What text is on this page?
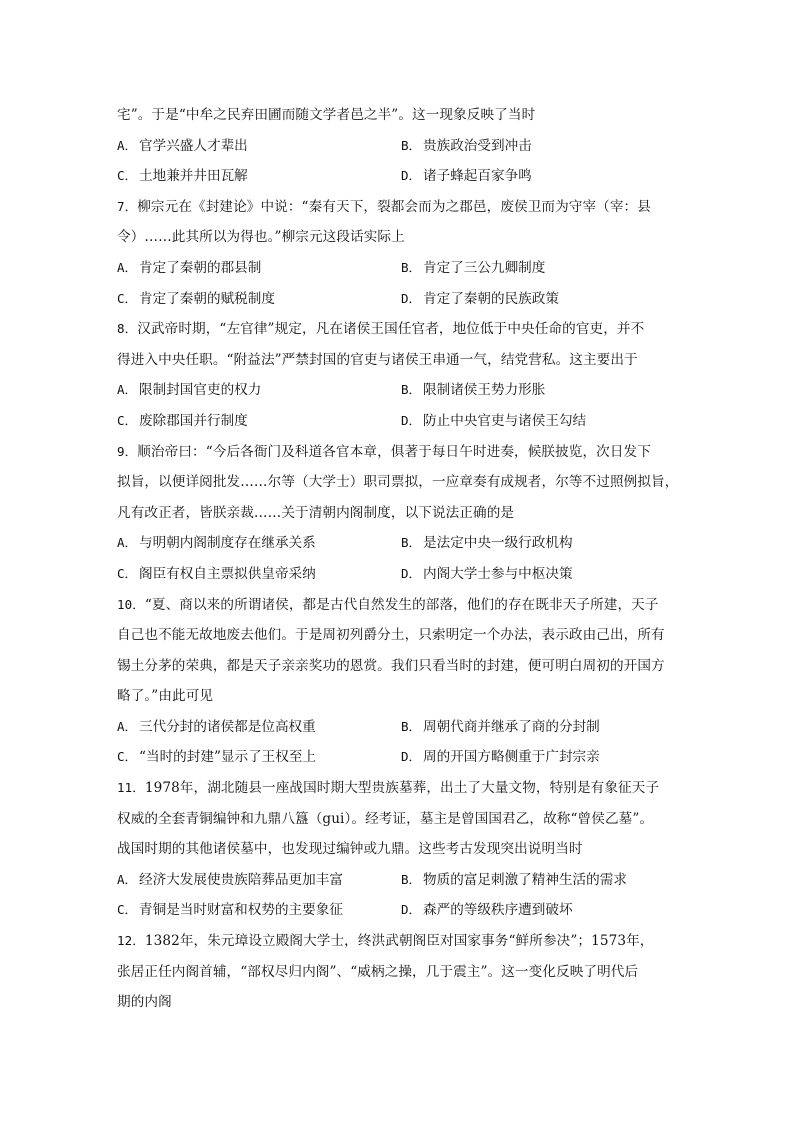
宅”。于是“中牟之民弃田圃而随文学者邑之半”。这一现象反映了当时
A． 官学兴盛人才辈出	B． 贵族政治受到冲击
C． 土地兼并井田瓦解	D． 诸子蜂起百家争鸣
7．柳宗元在《封建论》中说：“秦有天下，裂都会而为之郡邑，废侯卫而为守宰（宰：县
令）……此其所以为得也。”柳宗元这段话实际上
A． 肯定了秦朝的郡县制	B． 肯定了三公九卿制度
C． 肯定了秦朝的赋税制度	D． 肯定了秦朝的民族政策
8．汉武帝时期，“左官律”规定，凡在诸侯王国任官者，地位低于中央任命的官吏，并不
得进入中央任职。“附益法”严禁封国的官吏与诸侯王串通一气，结党营私。这主要出于
A． 限制封国官吏的权力	B． 限制诸侯王势力形胀
C． 废除郡国并行制度	D． 防止中央官吏与诸侯王勾结
9．顺治帝曰：“今后各衙门及科道各官本章，俱著于每日午时进奏，候朕披览，次日发下
拟旨，以便详阅批发……尔等（大学士）职司票拟，一应章奏有成规者，尔等不过照例拟旨，
凡有改正者，皆朕亲裁……关于清朝内阁制度，以下说法正确的是
A． 与明朝内阁制度存在继承关系	B． 是法定中央一级行政机构
C． 阁臣有权自主票拟供皇帝采纳	D． 内阁大学士参与中枢决策
10．“夏、商以来的所谓诸侯，都是古代自然发生的部落，他们的存在既非天子所建，天子
自己也不能无故地废去他们。于是周初列爵分土，只索明定一个办法，表示政由己出，所有
锡土分茅的荣典，都是天子亲亲奖功的恩赏。我们只看当时的封建，便可明白周初的开国方
略了。”由此可见
A． 三代分封的诸侯都是位高权重	B． 周朝代商并继承了商的分封制
C． “当时的封建”显示了王权至上	D． 周的开国方略侧重于广封宗亲
11．1978年，湖北随县一座战国时期大型贵族墓葬，出土了大量文物，特别是有象征天子
权威的全套青铜编钟和九鼎八簋（gui）。经考证，墓主是曾国国君乙，故称“曾侯乙墓”。
战国时期的其他诸侯墓中，也发现过编钟或九鼎。这些考古发现突出说明当时
A． 经济大发展使贵族陪葬品更加丰富	B． 物质的富足刺激了精神生活的需求
C． 青铜是当时财富和权势的主要象征	D． 森严的等级秩序遭到破坏
12．1382年，朱元璋设立殿阁大学士，终洪武朝阁臣对国家事务“鲜所参决”；1573年，
张居正任内阁首辅，“部权尽归内阁”、“威柄之操，几于震主”。这一变化反映了明代后
期的内阁
